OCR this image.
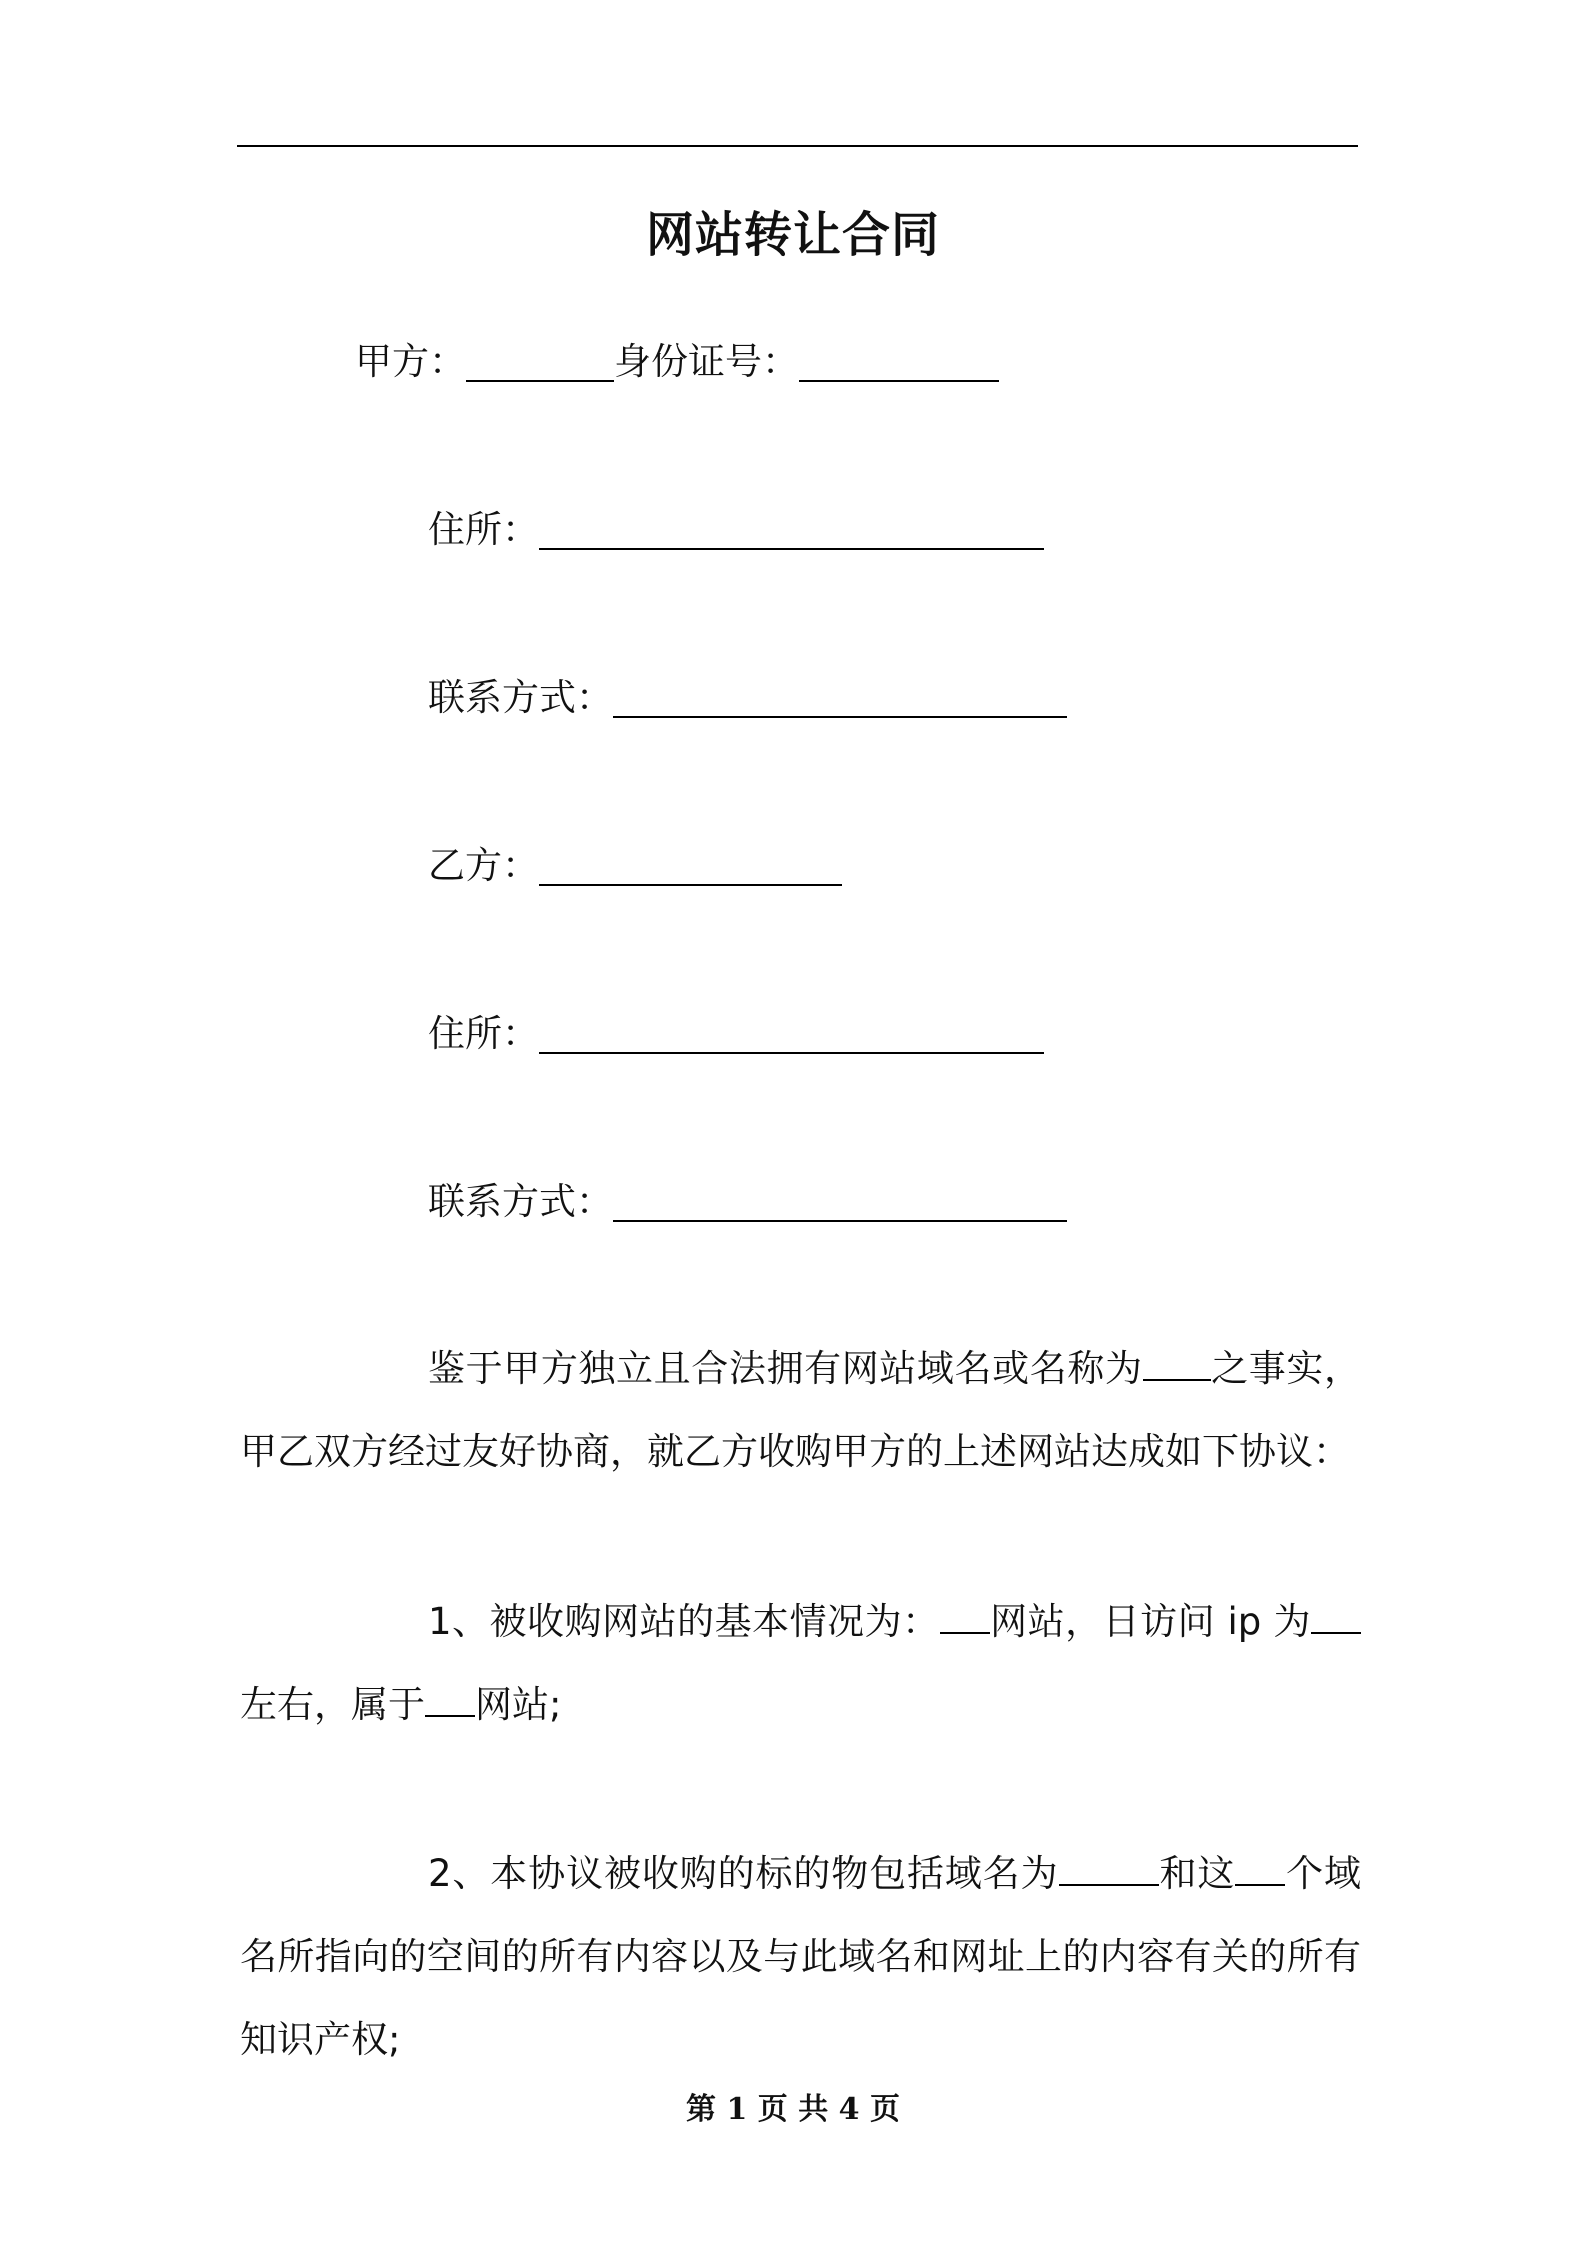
网站转让合同
甲方：	身份证号：
住所：
联系方式：
乙方：
住所：
联系方式：
鉴于甲方独立且合法拥有网站域名或名称为 之事实，甲乙双方经过友好协商，就乙方收购甲方的上述网站达成如下协议：
1、被收购网站的基本情况为： 网站，日访问 ip 为左右，属于 网站;
2、本协议被收购的标的物包括域名为	和这 个域名所指向的空间的所有内容以及与此域名和网址上的内容有关的所有知识产权;
第 1 页 共 4 页
